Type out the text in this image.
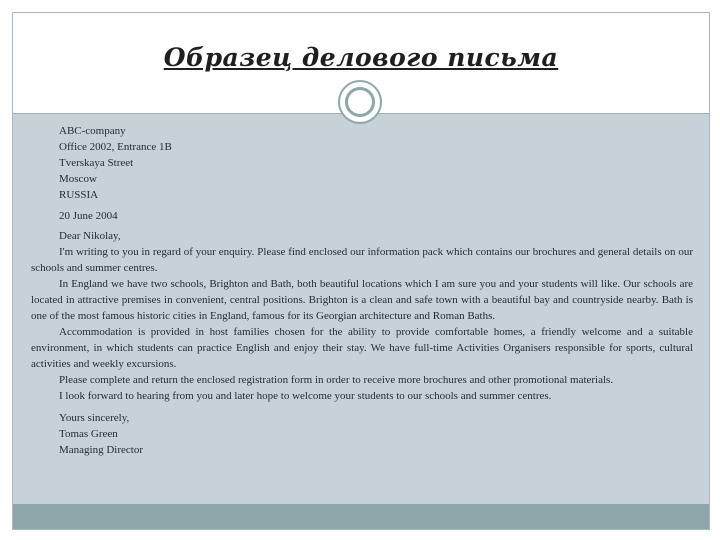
Образец делового письма

ABC-company

Office 2002, Entrance 1B

Tverskaya Street

Moscow

RUSSIA

20 June 2004

Dear Nikolay,

I'm writing to you in regard of your enquiry. Please find enclosed our information pack which contains our brochures and general details on our schools and summer centres.

In England we have two schools, Brighton and Bath, both beautiful locations which I am sure you and your students will like. Our schools are located in attractive premises in convenient, central positions. Brighton is a clean and safe town with a beautiful bay and countryside nearby. Bath is one of the most famous historic cities in England, famous for its Georgian architecture and Roman Baths.

Accommodation is provided in host families chosen for the ability to provide comfortable homes, a friendly welcome and a suitable environment, in which students can practice English and enjoy their stay. We have full-time Activities Organisers responsible for sports, cultural activities and weekly excursions.

Please complete and return the enclosed registration form in order to receive more brochures and other promotional materials.

I look forward to hearing from you and later hope to welcome your students to our schools and summer centres.

Yours sincerely,

Tomas Green

Managing Director
